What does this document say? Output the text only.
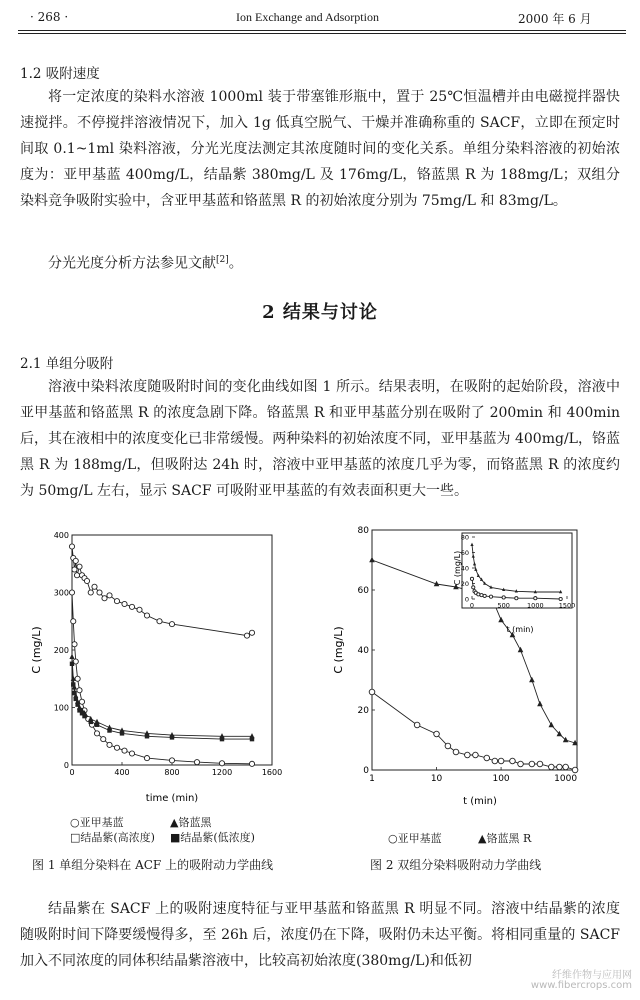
· 268 ·	Ion Exchange and Adsorption	2000 年 6 月
1.2 吸附速度

将一定浓度的染料水溶液 1000ml 装于带塞锥形瓶中，置于 25℃恒温槽并由电磁搅拌器快速搅拌。不停搅拌溶液情况下，加入 1g 低真空脱气、干燥并准确称重的 SACF，立即在预定时间取 0.1~1ml 染料溶液，分光光度法测定其浓度随时间的变化关系。单组分染料溶液的初始浓度为：亚甲基蓝 400mg/L，结晶紫 380mg/L 及 176mg/L，铬蓝黑 R 为 188mg/L；双组分染料竞争吸附实验中，含亚甲基蓝和铬蓝黑 R 的初始浓度分别为 75mg/L 和 83mg/L。

分光光度分析方法参见文献[2]。

2 结果与讨论
2.1 单组分吸附

溶液中染料浓度随吸附时间的变化曲线如图 1 所示。结果表明，在吸附的起始阶段，溶液中亚甲基蓝和铬蓝黑 R 的浓度急剧下降。铬蓝黑 R 和亚甲基蓝分别在吸附了 200min 和 400min 后，其在液相中的浓度变化已非常缓慢。两种染料的初始浓度不同，亚甲基蓝为 400mg/L，铬蓝黑 R 为 188mg/L，但吸附达 24h 时，溶液中亚甲基蓝的浓度几乎为零，而铬蓝黑 R 的浓度约为 50mg/L 左右，显示 SACF 可吸附亚甲基蓝的有效表面积更大一些。

0	400	800	1200	1600
0
100
200
300
400
C (mg/L)
time (min)
○亚甲基蓝	▲铬蓝黑
□结晶紫(高浓度) ■结晶紫(低浓度)
图 1 单组分染料在 ACF 上的吸附动力学曲线
1	10	100	1000
0
20
40
60
80
0	500	1000 1500
0
20
40
60
80
C (mg/L)
t (min)
C (mg/L)
t (min)
○亚甲基蓝	▲铬蓝黑 R
图 2 双组分染料吸附动力学曲线

结晶紫在 SACF 上的吸附速度特征与亚甲基蓝和铬蓝黑 R 明显不同。溶液中结晶紫的浓度随吸附时间下降要缓慢得多，至 26h 后，浓度仍在下降，吸附仍未达平衡。将相同重量的 SACF 加入不同浓度的同体积结晶紫溶液中，比较高初始浓度(380mg/L)和低初

纤维作物与应用网
www.fibercrops.com
